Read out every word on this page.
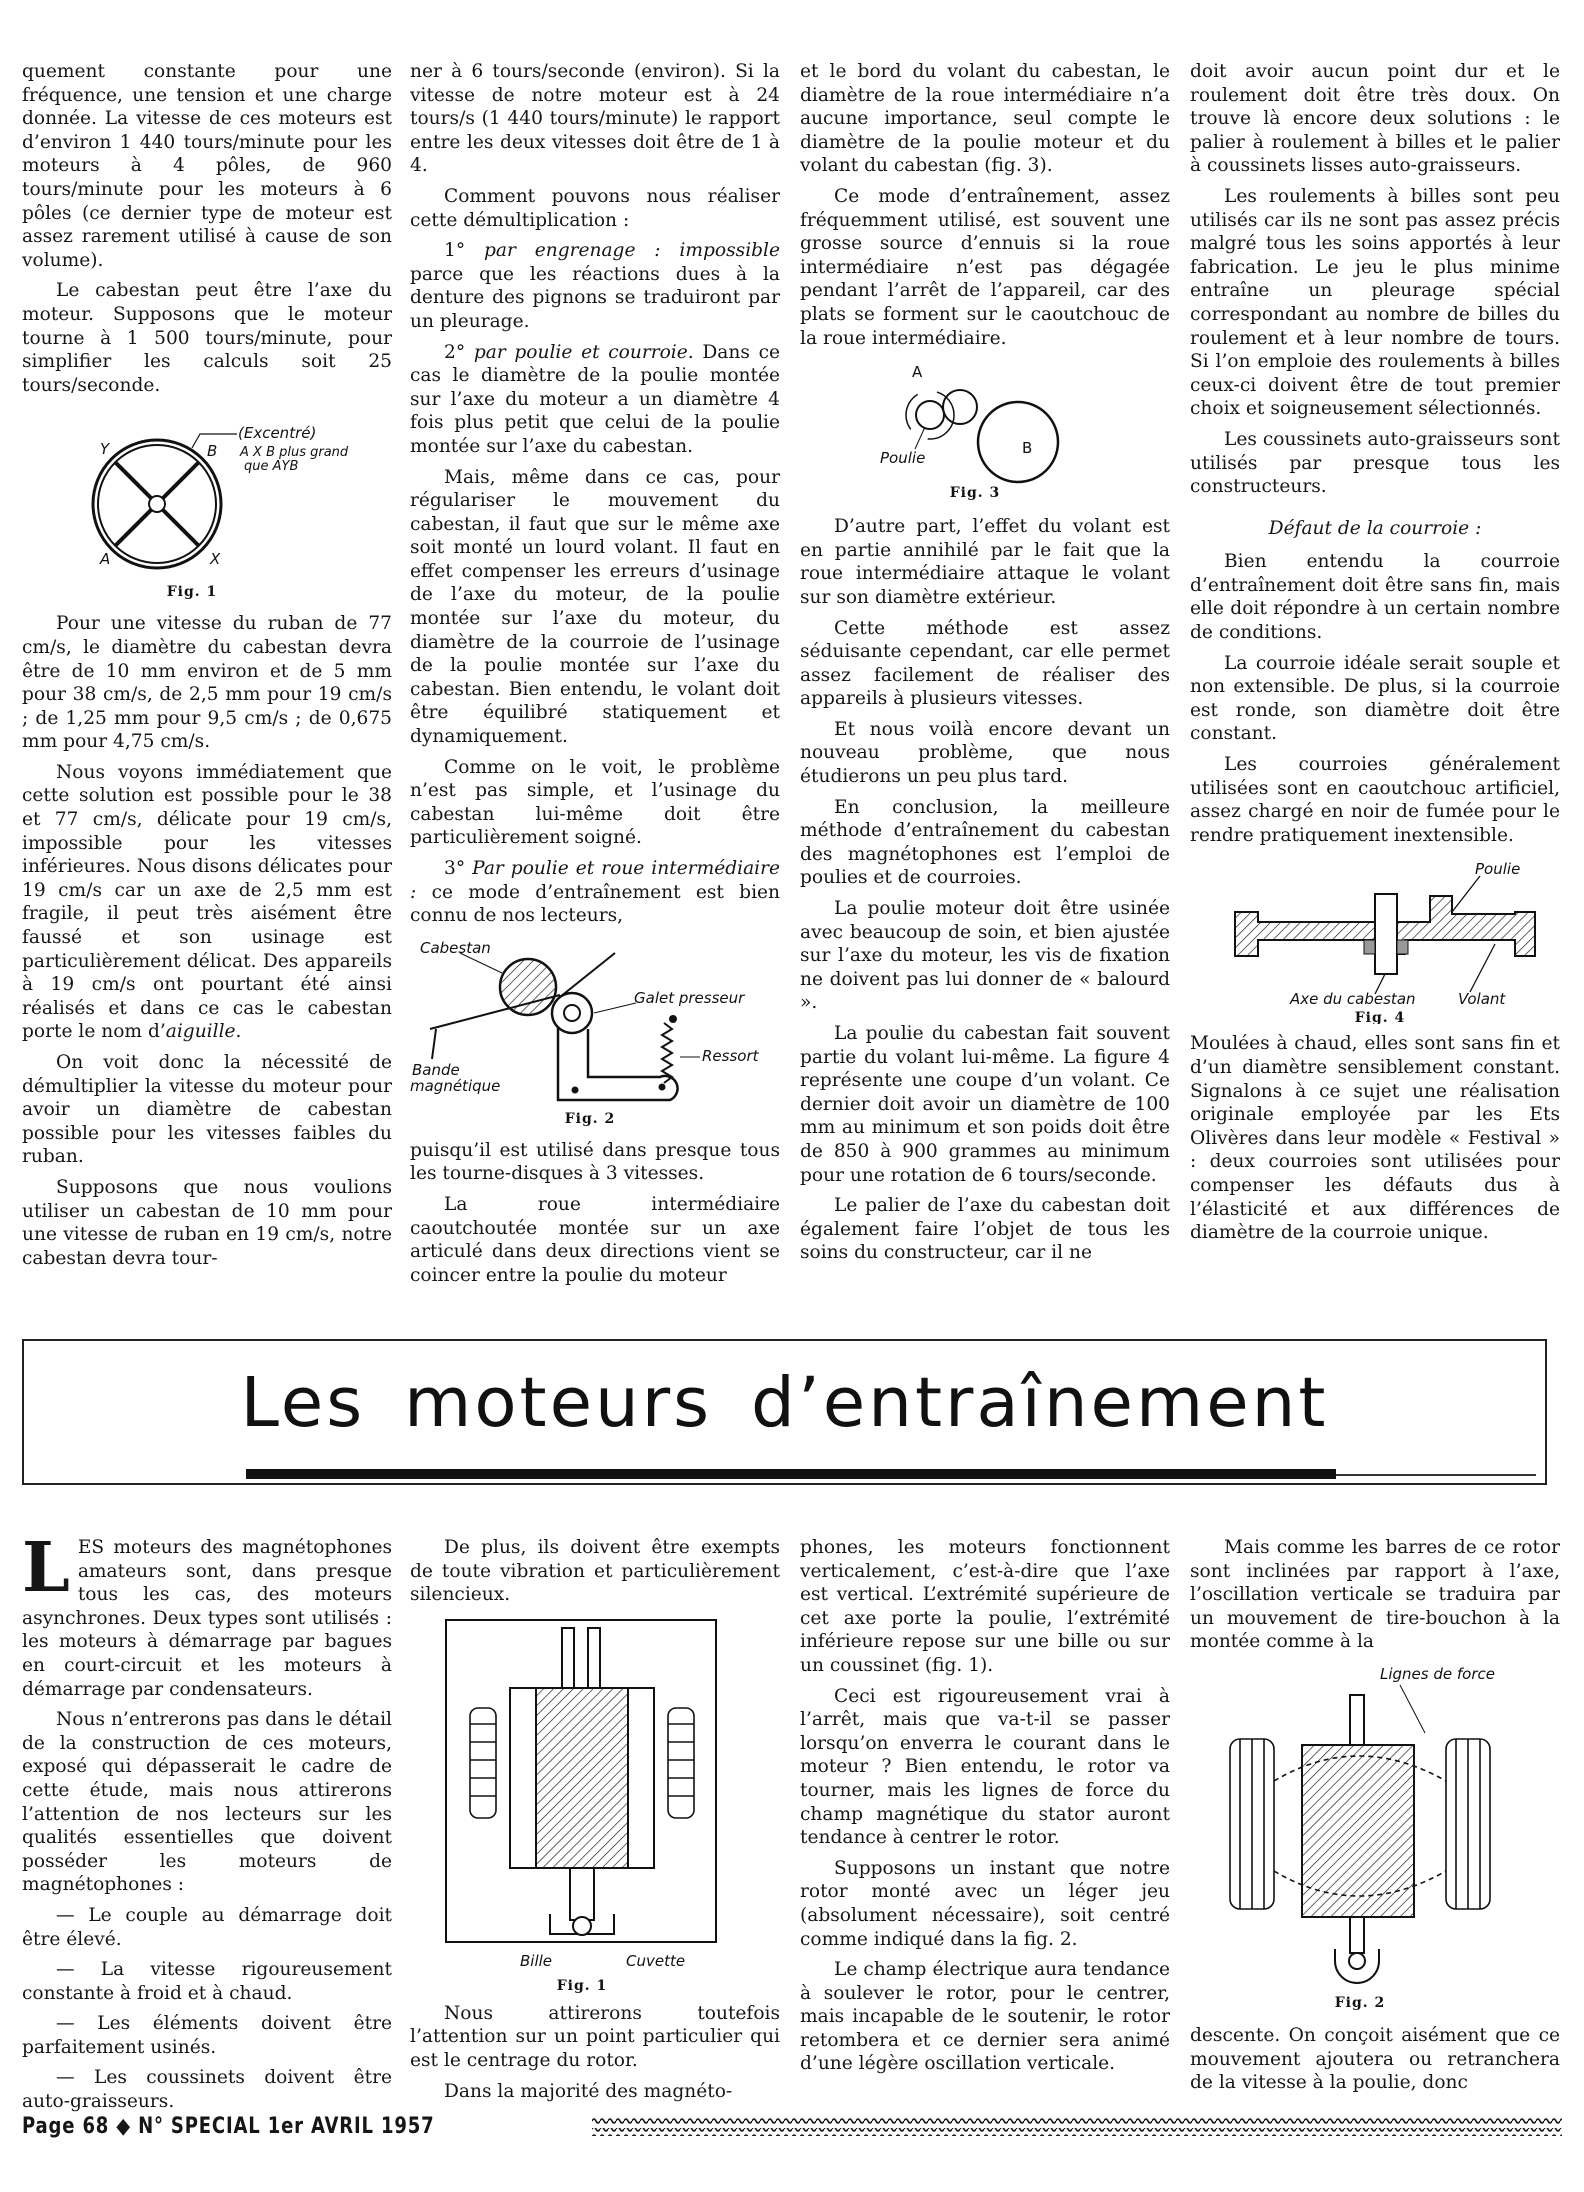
quement constante pour une fréquence, une tension et une charge donnée. La vitesse de ces moteurs est d’environ 1 440 tours/minute pour les moteurs à 4 pôles, de 960 tours/minute pour les moteurs à 6 pôles (ce dernier type de moteur est assez rarement utilisé à cause de son volume).

Le cabestan peut être l’axe du moteur. Supposons que le moteur tourne à 1 500 tours/minute, pour simplifier les calculs soit 25 tours/seconde.

(Excentré)
A X B plus grand
que AYB
Y	B
A	X
Fig. 1

Pour une vitesse du ruban de 77 cm/s, le diamètre du cabestan devra être de 10 mm environ et de 5 mm pour 38 cm/s, de 2,5 mm pour 19 cm/s ; de 1,25 mm pour 9,5 cm/s ; de 0,675 mm pour 4,75 cm/s.

Nous voyons immédiatement que cette solution est possible pour le 38 et 77 cm/s, délicate pour 19 cm/s, impossible pour les vitesses inférieures. Nous disons délicates pour 19 cm/s car un axe de 2,5 mm est fragile, il peut très aisément être faussé et son usinage est particulièrement délicat. Des appareils à 19 cm/s ont pourtant été ainsi réalisés et dans ce cas le cabestan porte le nom d’aiguille.

On voit donc la nécessité de démultiplier la vitesse du moteur pour avoir un diamètre de cabestan possible pour les vitesses faibles du ruban.

Supposons que nous voulions utiliser un cabestan de 10 mm pour une vitesse de ruban en 19 cm/s, notre cabestan devra tour-

ner à 6 tours/seconde (environ). Si la vitesse de notre moteur est à 24 tours/s (1 440 tours/minute) le rapport entre les deux vitesses doit être de 1 à 4.

Comment pouvons nous réaliser cette démultiplication :

1° par engrenage : impossible parce que les réactions dues à la denture des pignons se traduiront par un pleurage.

2° par poulie et courroie. Dans ce cas le diamètre de la poulie montée sur l’axe du moteur a un diamètre 4 fois plus petit que celui de la poulie montée sur l’axe du cabestan.

Mais, même dans ce cas, pour régulariser le mouvement du cabestan, il faut que sur le même axe soit monté un lourd volant. Il faut en effet compenser les erreurs d’usinage de l’axe du moteur, de la poulie montée sur l’axe du moteur, du diamètre de la courroie de l’usinage de la poulie montée sur l’axe du cabestan. Bien entendu, le volant doit être équilibré statiquement et dynamiquement.

Comme on le voit, le problème n’est pas simple, et l’usinage du cabestan lui-même doit être particulièrement soigné.

3° Par poulie et roue intermédiaire : ce mode d’entraînement est bien connu de nos lecteurs,

Cabestan
Galet presseur
Ressort
Bande
magnétique
Fig. 2

puisqu’il est utilisé dans presque tous les tourne-disques à 3 vitesses.

La roue intermédiaire caoutchoutée montée sur un axe articulé dans deux directions vient se coincer entre la poulie du moteur

et le bord du volant du cabestan, le diamètre de la roue intermédiaire n’a aucune importance, seul compte le diamètre de la poulie moteur et du volant du cabestan (fig. 3).

Ce mode d’entraînement, assez fréquemment utilisé, est souvent une grosse source d’ennuis si la roue intermédiaire n’est pas dégagée pendant l’arrêt de l’appareil, car des plats se forment sur le caoutchouc de la roue intermédiaire.

A
B
Poulie
Fig. 3

D’autre part, l’effet du volant est en partie annihilé par le fait que la roue intermédiaire attaque le volant sur son diamètre extérieur.

Cette méthode est assez séduisante cependant, car elle permet assez facilement de réaliser des appareils à plusieurs vitesses.

Et nous voilà encore devant un nouveau problème, que nous étudierons un peu plus tard.

En conclusion, la meilleure méthode d’entraînement du cabestan des magnétophones est l’emploi de poulies et de courroies.

La poulie moteur doit être usinée avec beaucoup de soin, et bien ajustée sur l’axe du moteur, les vis de fixation ne doivent pas lui donner de « balourd ».

La poulie du cabestan fait souvent partie du volant lui-même. La figure 4 représente une coupe d’un volant. Ce dernier doit avoir un diamètre de 100 mm au minimum et son poids doit être de 850 à 900 grammes au minimum pour une rotation de 6 tours/seconde.

Le palier de l’axe du cabestan doit également faire l’objet de tous les soins du constructeur, car il ne

doit avoir aucun point dur et le roulement doit être très doux. On trouve là encore deux solutions : le palier à roulement à billes et le palier à coussinets lisses auto-graisseurs.

Les roulements à billes sont peu utilisés car ils ne sont pas assez précis malgré tous les soins apportés à leur fabrication. Le jeu le plus minime entraîne un pleurage spécial correspondant au nombre de billes du roulement et à leur nombre de tours. Si l’on emploie des roulements à billes ceux-ci doivent être de tout premier choix et soigneusement sélectionnés.

Les coussinets auto-graisseurs sont utilisés par presque tous les constructeurs.

Défaut de la courroie :

Bien entendu la courroie d’entraînement doit être sans fin, mais elle doit répondre à un certain nombre de conditions.

La courroie idéale serait souple et non extensible. De plus, si la courroie est ronde, son diamètre doit être constant.

Les courroies généralement utilisées sont en caoutchouc artificiel, assez chargé en noir de fumée pour le rendre pratiquement inextensible.

Poulie
Axe du cabestan	Volant
Fig. 4

Moulées à chaud, elles sont sans fin et d’un diamètre sensiblement constant. Signalons à ce sujet une réalisation originale employée par les Ets Olivères dans leur modèle « Festival » : deux courroies sont utilisées pour compenser les défauts dus à l’élasticité et aux différences de diamètre de la courroie unique.

Les moteurs d’entraînement

LES moteurs des magnétophones amateurs sont, dans presque tous les cas, des moteurs asynchrones. Deux types sont utilisés : les moteurs à démarrage par bagues en court-circuit et les moteurs à démarrage par condensateurs.

Nous n’entrerons pas dans le détail de la construction de ces moteurs, exposé qui dépasserait le cadre de cette étude, mais nous attirerons l’attention de nos lecteurs sur les qualités essentielles que doivent posséder les moteurs de magnétophones :

— Le couple au démarrage doit être élevé.

— La vitesse rigoureusement constante à froid et à chaud.

— Les éléments doivent être parfaitement usinés.

— Les coussinets doivent être auto-graisseurs.

De plus, ils doivent être exempts de toute vibration et particulièrement silencieux.

Bille	Cuvette
Fig. 1

Nous attirerons toutefois l’attention sur un point particulier qui est le centrage du rotor.

Dans la majorité des magnéto-

phones, les moteurs fonctionnent verticalement, c’est-à-dire que l’axe est vertical. L’extrémité supérieure de cet axe porte la poulie, l’extrémité inférieure repose sur une bille ou sur un coussinet (fig. 1).

Ceci est rigoureusement vrai à l’arrêt, mais que va-t-il se passer lorsqu’on enverra le courant dans le moteur ? Bien entendu, le rotor va tourner, mais les lignes de force du champ magnétique du stator auront tendance à centrer le rotor.

Supposons un instant que notre rotor monté avec un léger jeu (absolument nécessaire), soit centré comme indiqué dans la fig. 2.

Le champ électrique aura tendance à soulever le rotor, pour le centrer, mais incapable de le soutenir, le rotor retombera et ce dernier sera animé d’une légère oscillation verticale.

Mais comme les barres de ce rotor sont inclinées par rapport à l’axe, l’oscillation verticale se traduira par un mouvement de tire-bouchon à la montée comme à la

Lignes de force
Fig. 2

descente. On conçoit aisément que ce mouvement ajoutera ou retranchera de la vitesse à la poulie, donc

Page 68 ◆ N° SPECIAL 1er AVRIL 1957
